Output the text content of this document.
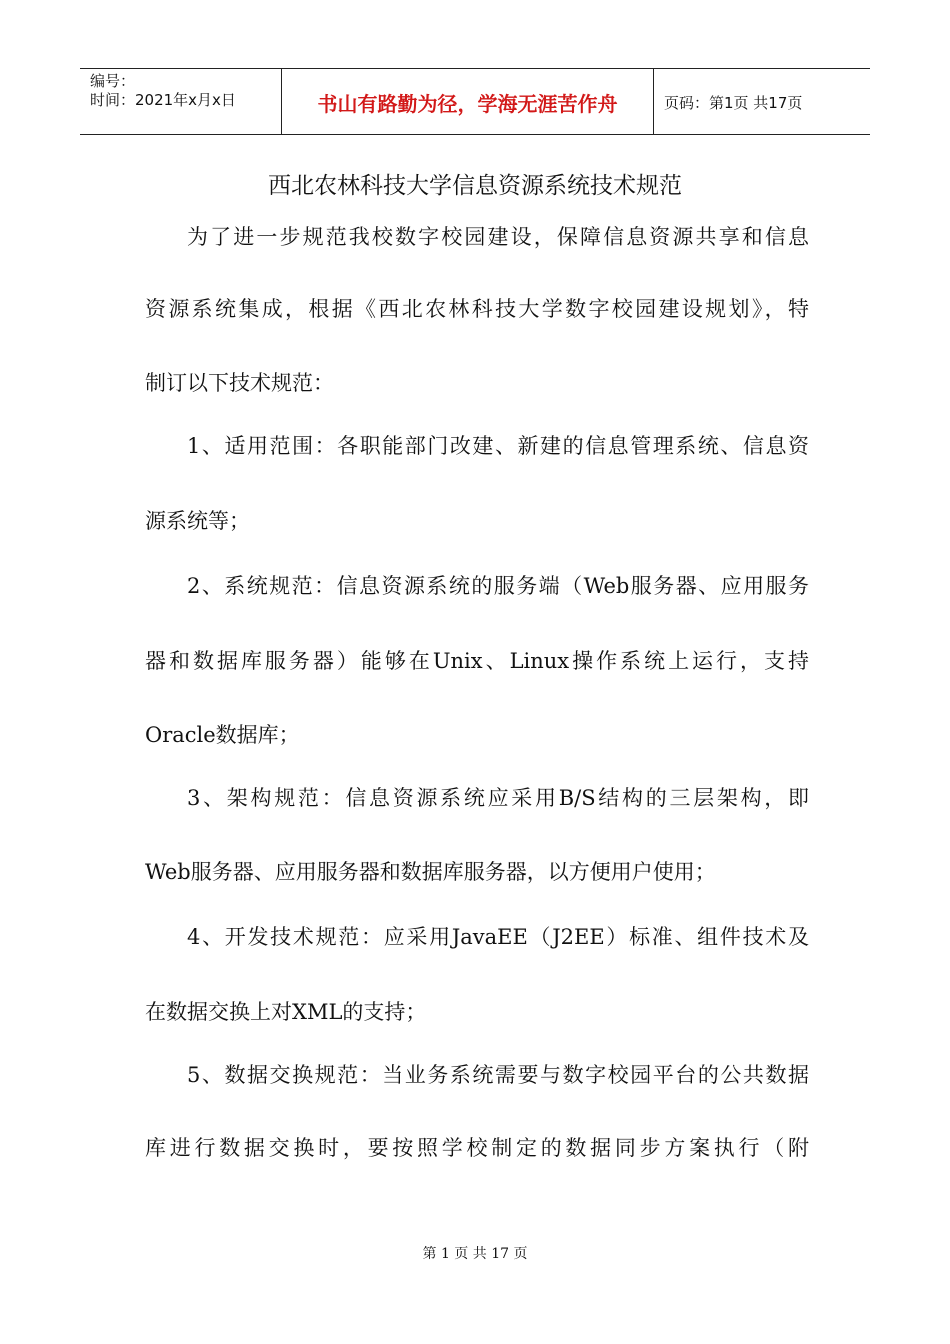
编号：
时间：2021年x月x日	书山有路勤为径，学海无涯苦作舟	页码：第1页 共17页
西北农林科技大学信息资源系统技术规范
为了进一步规范我校数字校园建设，保障信息资源共享和信息
资源系统集成，根据《西北农林科技大学数字校园建设规划》，特
制订以下技术规范：
1、适用范围：各职能部门改建、新建的信息管理系统、信息资
源系统等；
2、系统规范：信息资源系统的服务端（Web服务器、应用服务
器和数据库服务器）能够在Unix、Linux操作系统上运行，支持
Oracle数据库；
3、架构规范：信息资源系统应采用B/S结构的三层架构，即
Web服务器、应用服务器和数据库服务器，以方便用户使用；
4、开发技术规范：应采用JavaEE（J2EE）标准、组件技术及
在数据交换上对XML的支持；
5、数据交换规范：当业务系统需要与数字校园平台的公共数据
库进行数据交换时，要按照学校制定的数据同步方案执行（附
第 1 页 共 17 页
